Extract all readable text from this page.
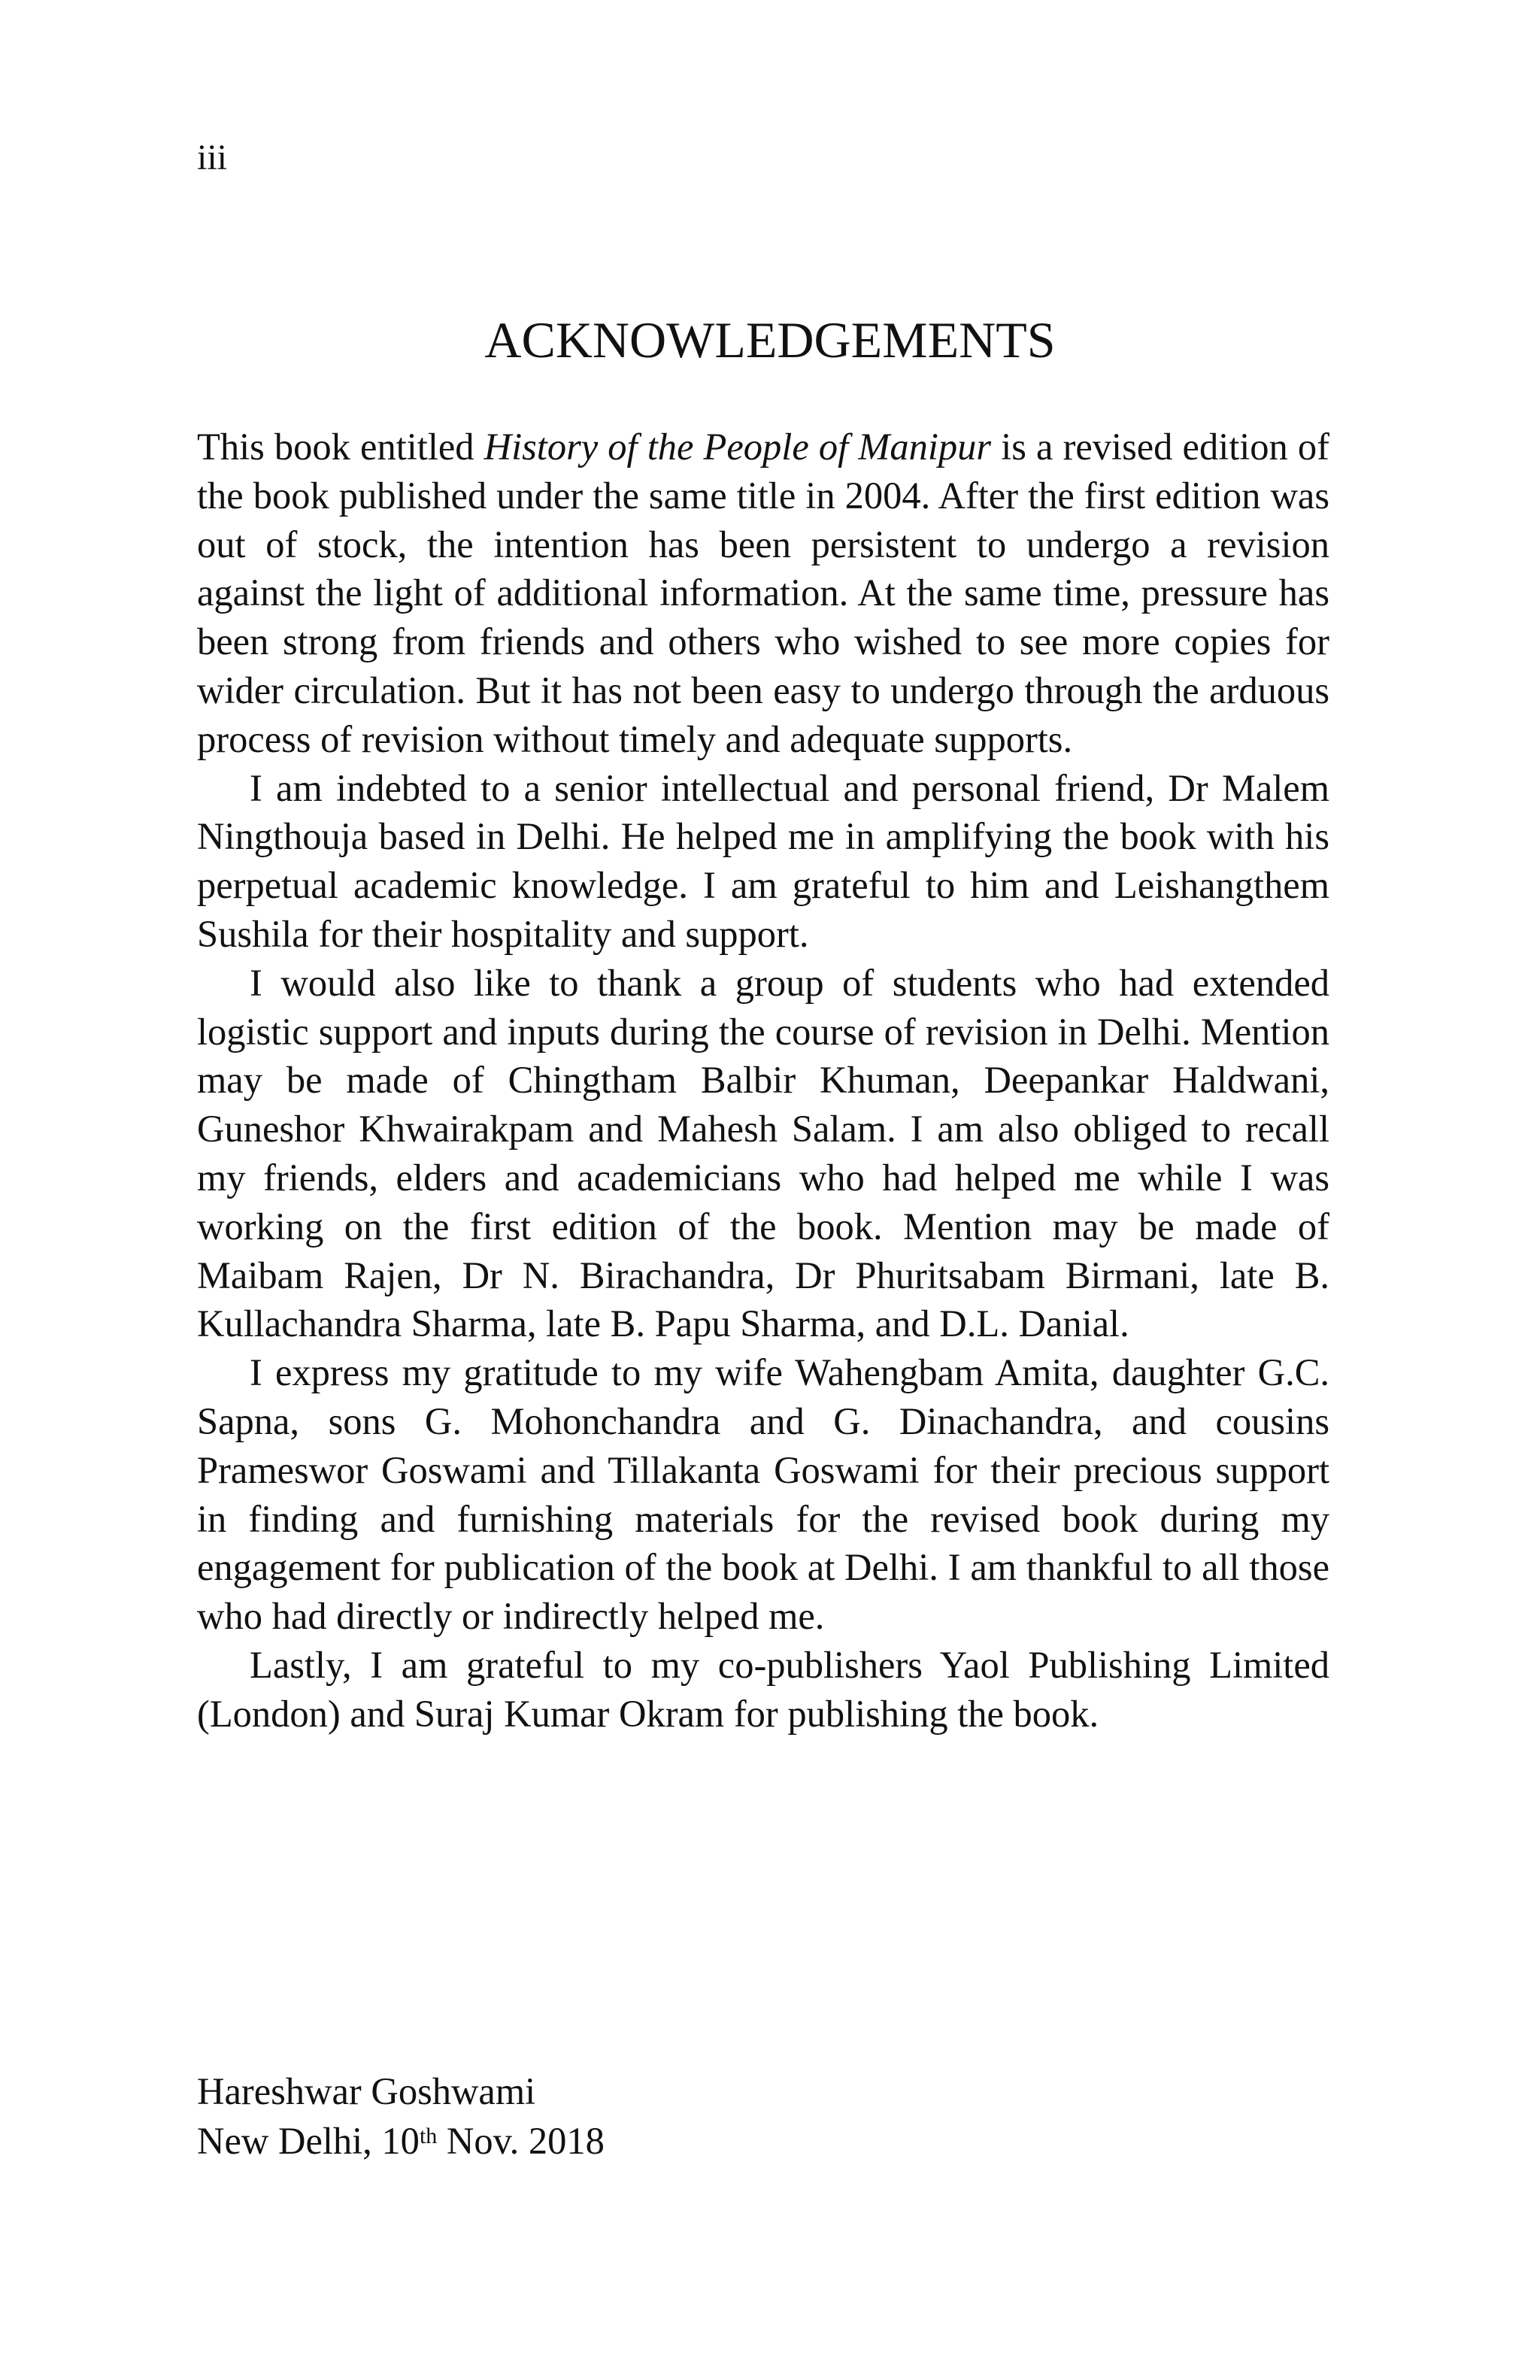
iii
ACKNOWLEDGEMENTS

This book entitled History of the People of Manipur is a revised edition of the book published under the same title in 2004. After the first edition was out of stock, the intention has been persistent to undergo a revision against the light of additional information. At the same time, pressure has been strong from friends and others who wished to see more copies for wider circulation. But it has not been easy to undergo through the arduous process of revision without timely and adequate supports.

I am indebted to a senior intellectual and personal friend, Dr Malem Ningthouja based in Delhi. He helped me in amplifying the book with his perpetual academic knowledge. I am grateful to him and Leishangthem Sushila for their hospitality and support.

I would also like to thank a group of students who had extended logistic support and inputs during the course of revision in Delhi. Mention may be made of Chingtham Balbir Khuman, Deepankar Haldwani, Guneshor Khwairakpam and Mahesh Salam. I am also obliged to recall my friends, elders and academicians who had helped me while I was working on the first edition of the book. Mention may be made of Maibam Rajen, Dr N. Birachandra, Dr Phuritsabam Birmani, late B. Kullachandra Sharma, late B. Papu Sharma, and D.L. Danial.

I express my gratitude to my wife Wahengbam Amita, daughter G.C. Sapna, sons G. Mohonchandra and G. Dinachandra, and cousins Prameswor Goswami and Tillakanta Goswami for their precious support in finding and furnishing materials for the revised book during my engagement for publication of the book at Delhi. I am thankful to all those who had directly or indirectly helped me.

Lastly, I am grateful to my co-publishers Yaol Publishing Limited (London) and Suraj Kumar Okram for publishing the book.

Hareshwar Goshwami
New Delhi, 10th Nov. 2018
